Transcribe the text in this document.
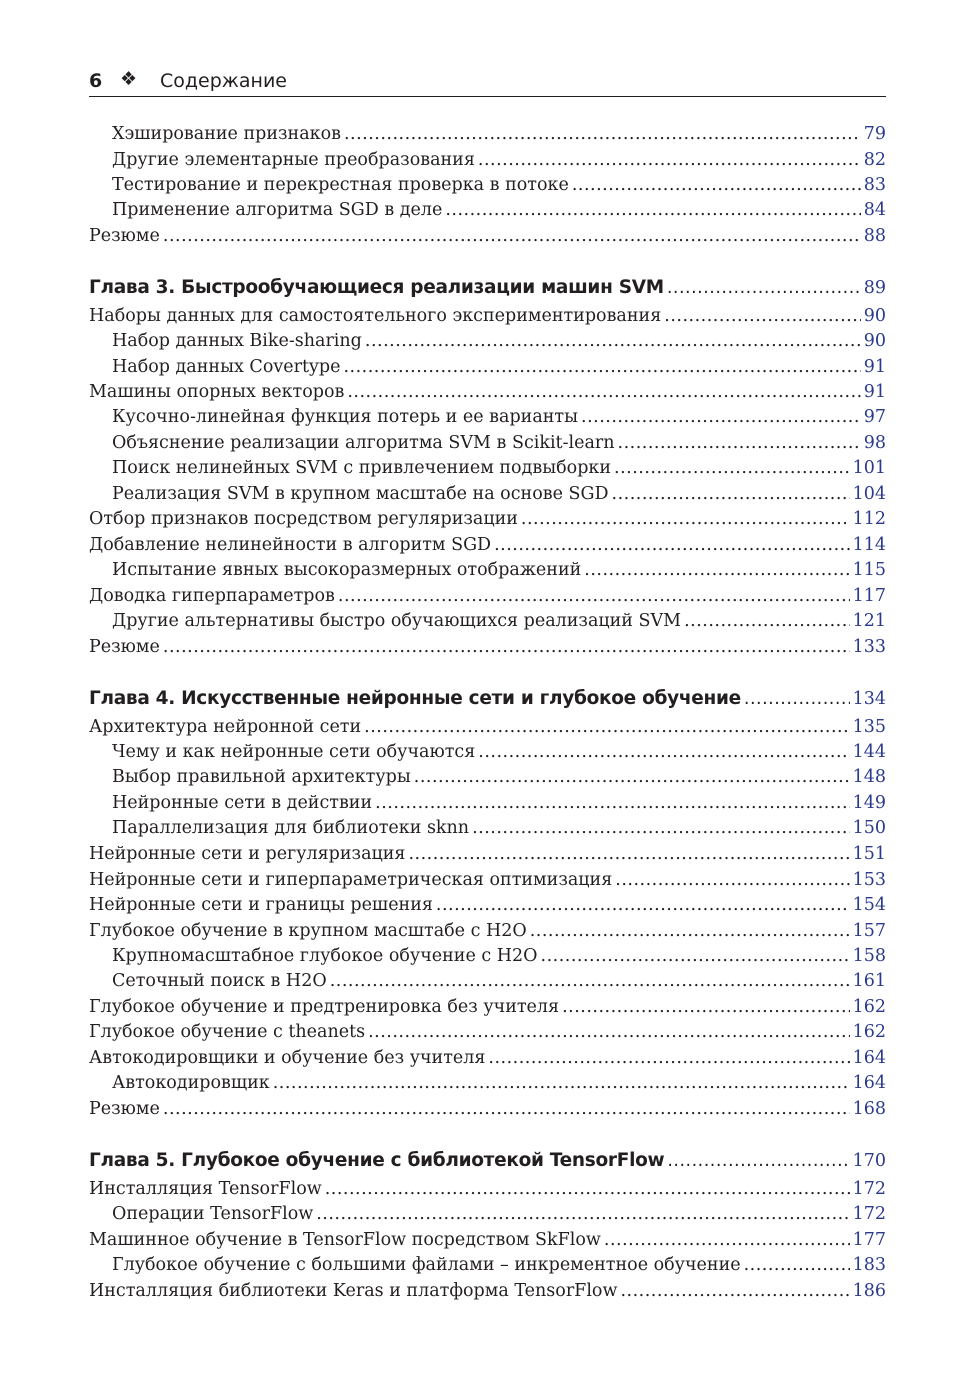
6 ❖ Содержание
Хэширование признаков .....	79
Другие элементарные преобразования .....	82
Тестирование и перекрестная проверка в потоке .....	83
Применение алгоритма SGD в деле .....	84
Резюме .....	88
Глава 3. Быстрообучающиеся реализации машин SVM .....	89
Наборы данных для самостоятельного экспериментирования .....	90
Набор данных Bike-sharing .....	90
Набор данных Covertype .....	91
Машины опорных векторов .....	91
Кусочно-линейная функция потерь и ее варианты .....	97
Объяснение реализации алгоритма SVM в Scikit-learn .....	98
Поиск нелинейных SVM с привлечением подвыборки .....	101
Реализация SVM в крупном масштабе на основе SGD .....	104
Отбор признаков посредством регуляризации .....	112
Добавление нелинейности в алгоритм SGD .....	114
Испытание явных высокоразмерных отображений .....	115
Доводка гиперпараметров .....	117
Другие альтернативы быстро обучающихся реализаций SVM .....	121
Резюме .....	133
Глава 4. Искусственные нейронные сети и глубокое обучение .....	134
Архитектура нейронной сети .....	135
Чему и как нейронные сети обучаются .....	144
Выбор правильной архитектуры .....	148
Нейронные сети в действии .....	149
Параллелизация для библиотеки sknn .....	150
Нейронные сети и регуляризация .....	151
Нейронные сети и гиперпараметрическая оптимизация .....	153
Нейронные сети и границы решения .....	154
Глубокое обучение в крупном масштабе с H2O .....	157
Крупномасштабное глубокое обучение с H2O .....	158
Сеточный поиск в H2O .....	161
Глубокое обучение и предтренировка без учителя .....	162
Глубокое обучение с theanets .....	162
Автокодировщики и обучение без учителя .....	164
Автокодировщик .....	164
Резюме .....	168
Глава 5. Глубокое обучение с библиотекой TensorFlow .....	170
Инсталляция TensorFlow .....	172
Операции TensorFlow .....	172
Машинное обучение в TensorFlow посредством SkFlow .....	177
Глубокое обучение с большими файлами – инкрементное обучение .....	183
Инсталляция библиотеки Keras и платформа TensorFlow .....	186
